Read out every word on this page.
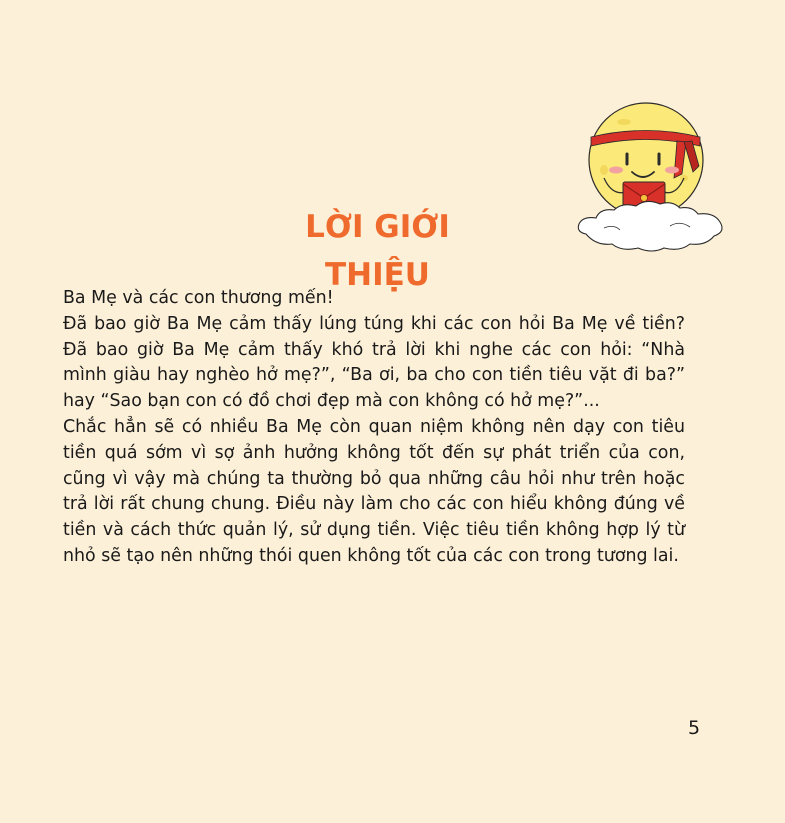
LỜI GIỚI THIỆU

Ba Mẹ và các con thương mến!

Đã bao giờ Ba Mẹ cảm thấy lúng túng khi các con hỏi Ba Mẹ về tiền? Đã bao giờ Ba Mẹ cảm thấy khó trả lời khi nghe các con hỏi: “Nhà mình giàu hay nghèo hở mẹ?”, “Ba ơi, ba cho con tiền tiêu vặt đi ba?” hay “Sao bạn con có đồ chơi đẹp mà con không có hở mẹ?”...

Chắc hẳn sẽ có nhiều Ba Mẹ còn quan niệm không nên dạy con tiêu tiền quá sớm vì sợ ảnh hưởng không tốt đến sự phát triển của con, cũng vì vậy mà chúng ta thường bỏ qua những câu hỏi như trên hoặc trả lời rất chung chung. Điều này làm cho các con hiểu không đúng về tiền và cách thức quản lý, sử dụng tiền. Việc tiêu tiền không hợp lý từ nhỏ sẽ tạo nên những thói quen không tốt của các con trong tương lai.

5
